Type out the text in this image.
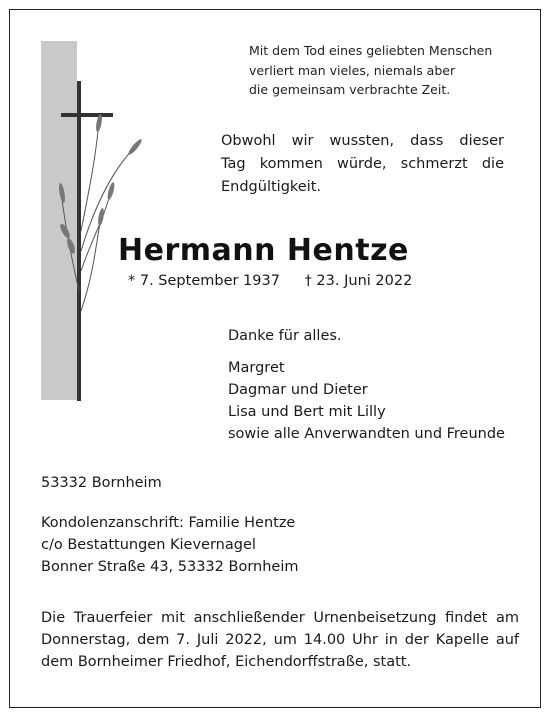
Mit dem Tod eines geliebten Menschen
verliert man vieles, niemals aber
die gemeinsam verbrachte Zeit.
Obwohl wir wussten, dass dieser
Tag kommen würde, schmerzt die
Endgültigkeit.
Hermann Hentze
* 7. September 1937 † 23. Juni 2022
Danke für alles.
Margret
Dagmar und Dieter
Lisa und Bert mit Lilly
sowie alle Anverwandten und Freunde
53332 Bornheim
Kondolenzanschrift: Familie Hentze
c/o Bestattungen Kievernagel
Bonner Straße 43, 53332 Bornheim
Die Trauerfeier mit anschließender Urnenbeisetzung findet am
Donnerstag, dem 7. Juli 2022, um 14.00 Uhr in der Kapelle auf
dem Bornheimer Friedhof, Eichendorffstraße, statt.
